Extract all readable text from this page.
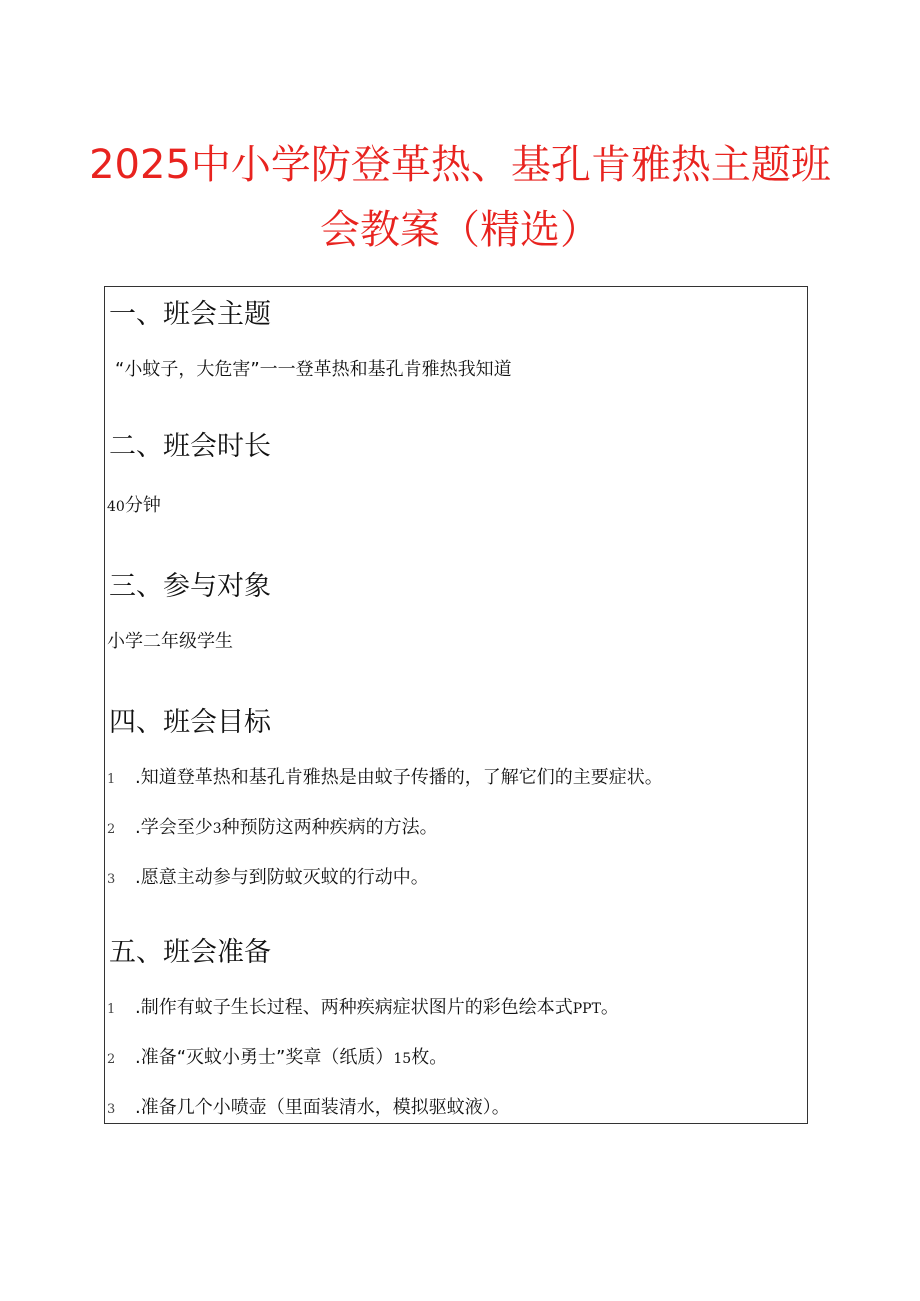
2025中小学防登革热、基孔肯雅热主题班
会教案（精选）
一、班会主题
“小蚊子，大危害”一一登革热和基孔肯雅热我知道
二、班会时长
40分钟
三、参与对象
小学二年级学生
四、班会目标
1 .知道登革热和基孔肯雅热是由蚊子传播的，了解它们的主要症状。
2 .学会至少3种预防这两种疾病的方法。
3 .愿意主动参与到防蚊灭蚊的行动中。
五、班会准备
1 .制作有蚊子生长过程、两种疾病症状图片的彩色绘本式PPT。
2 .准备“灭蚊小勇士”奖章（纸质）15枚。
3 .准备几个小喷壶（里面装清水，模拟驱蚊液）。
